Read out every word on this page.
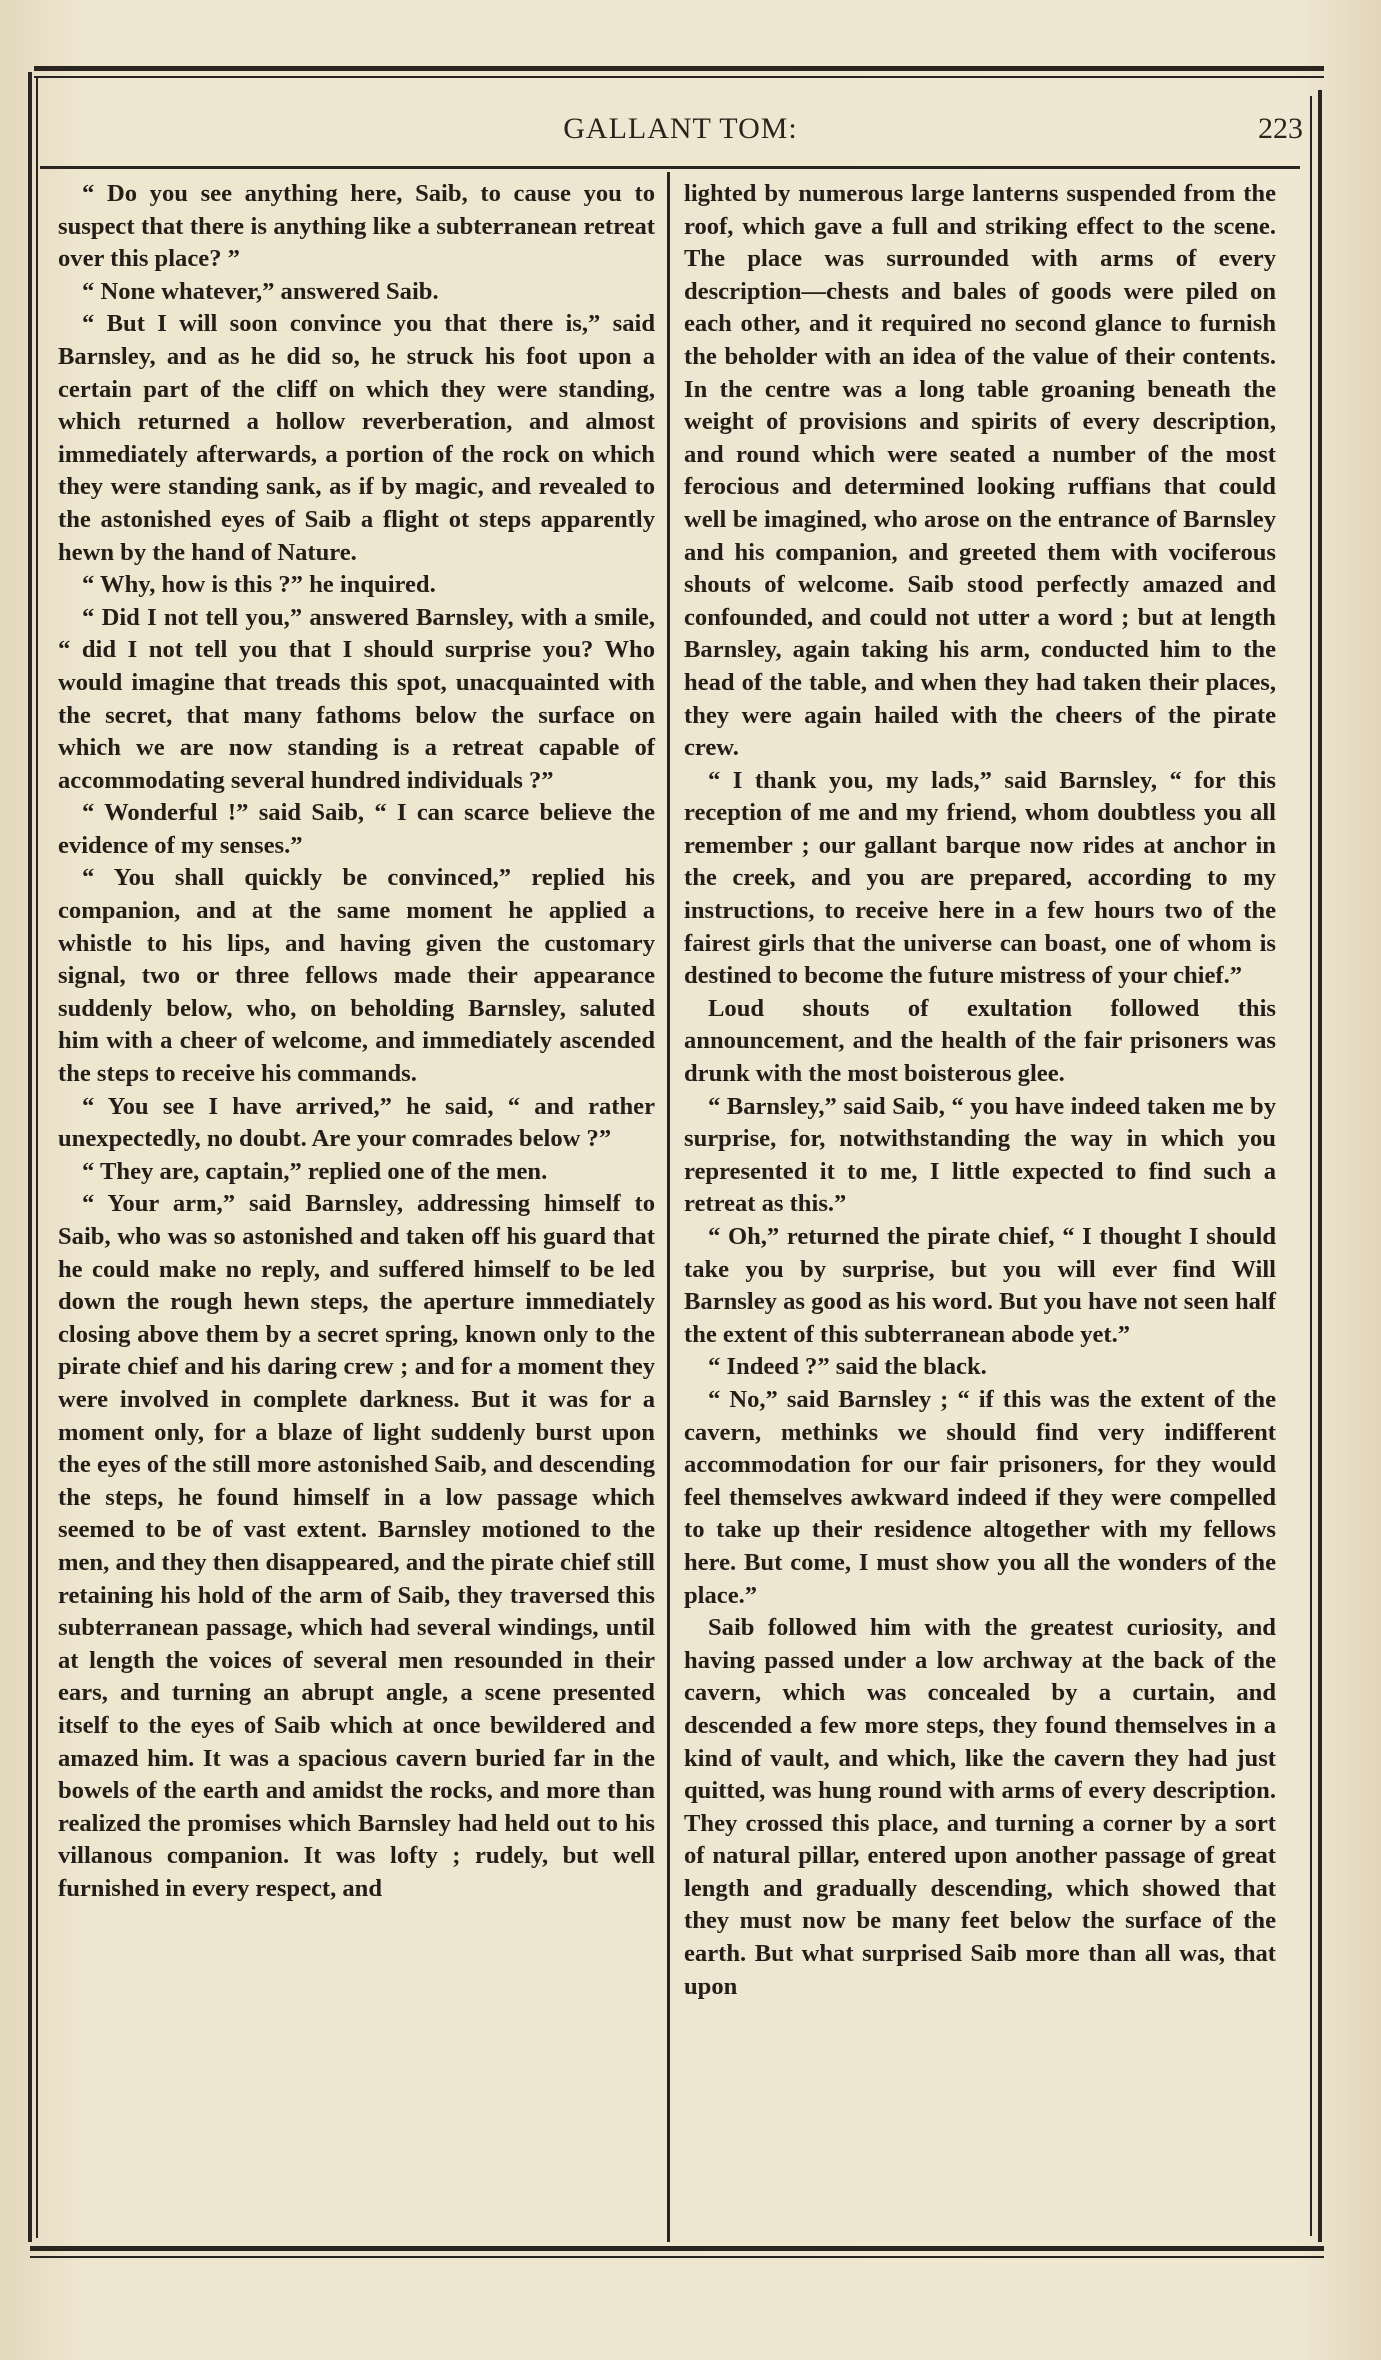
GALLANT TOM:	223

“ Do you see anything here, Saib, to cause you to suspect that there is anything like a subterranean retreat over this place? ”

“ None whatever,” answered Saib.

“ But I will soon convince you that there is,” said Barnsley, and as he did so, he struck his foot upon a certain part of the cliff on which they were standing, which returned a hollow reverberation, and almost immediately afterwards, a portion of the rock on which they were standing sank, as if by magic, and revealed to the astonished eyes of Saib a flight ot steps apparently hewn by the hand of Nature.

“ Why, how is this ?” he inquired.

“ Did I not tell you,” answered Barnsley, with a smile, “ did I not tell you that I should surprise you? Who would imagine that treads this spot, unacquainted with the secret, that many fathoms below the surface on which we are now standing is a retreat capable of accommodating several hundred individuals ?”

“ Wonderful !” said Saib, “ I can scarce believe the evidence of my senses.”

“ You shall quickly be convinced,” replied his companion, and at the same moment he applied a whistle to his lips, and having given the customary signal, two or three fellows made their appearance suddenly below, who, on beholding Barnsley, saluted him with a cheer of welcome, and immediately ascended the steps to receive his commands.

“ You see I have arrived,” he said, “ and rather unexpectedly, no doubt. Are your comrades below ?”

“ They are, captain,” replied one of the men.

“ Your arm,” said Barnsley, addressing himself to Saib, who was so astonished and taken off his guard that he could make no reply, and suffered himself to be led down the rough hewn steps, the aperture immediately closing above them by a secret spring, known only to the pirate chief and his daring crew ; and for a moment they were involved in complete darkness. But it was for a moment only, for a blaze of light suddenly burst upon the eyes of the still more astonished Saib, and descending the steps, he found himself in a low passage which seemed to be of vast extent. Barnsley motioned to the men, and they then disappeared, and the pirate chief still retaining his hold of the arm of Saib, they traversed this subterranean passage, which had several windings, until at length the voices of several men resounded in their ears, and turning an abrupt angle, a scene presented itself to the eyes of Saib which at once bewildered and amazed him. It was a spacious cavern buried far in the bowels of the earth and amidst the rocks, and more than realized the promises which Barnsley had held out to his villanous companion. It was lofty ; rudely, but well furnished in every respect, and

lighted by numerous large lanterns suspended from the roof, which gave a full and striking effect to the scene. The place was surrounded with arms of every description—chests and bales of goods were piled on each other, and it required no second glance to furnish the beholder with an idea of the value of their contents. In the centre was a long table groaning beneath the weight of provisions and spirits of every description, and round which were seated a number of the most ferocious and determined looking ruffians that could well be imagined, who arose on the entrance of Barnsley and his companion, and greeted them with vociferous shouts of welcome. Saib stood perfectly amazed and confounded, and could not utter a word ; but at length Barnsley, again taking his arm, conducted him to the head of the table, and when they had taken their places, they were again hailed with the cheers of the pirate crew.

“ I thank you, my lads,” said Barnsley, “ for this reception of me and my friend, whom doubtless you all remember ; our gallant barque now rides at anchor in the creek, and you are prepared, according to my instructions, to receive here in a few hours two of the fairest girls that the universe can boast, one of whom is destined to become the future mistress of your chief.”

Loud shouts of exultation followed this announcement, and the health of the fair prisoners was drunk with the most boisterous glee.

“ Barnsley,” said Saib, “ you have indeed taken me by surprise, for, notwithstanding the way in which you represented it to me, I little expected to find such a retreat as this.”

“ Oh,” returned the pirate chief, “ I thought I should take you by surprise, but you will ever find Will Barnsley as good as his word. But you have not seen half the extent of this subterranean abode yet.”

“ Indeed ?” said the black.

“ No,” said Barnsley ; “ if this was the extent of the cavern, methinks we should find very indifferent accommodation for our fair prisoners, for they would feel themselves awkward indeed if they were compelled to take up their residence altogether with my fellows here. But come, I must show you all the wonders of the place.”

Saib followed him with the greatest curiosity, and having passed under a low archway at the back of the cavern, which was concealed by a curtain, and descended a few more steps, they found themselves in a kind of vault, and which, like the cavern they had just quitted, was hung round with arms of every description. They crossed this place, and turning a corner by a sort of natural pillar, entered upon another passage of great length and gradually descending, which showed that they must now be many feet below the surface of the earth. But what surprised Saib more than all was, that upon
